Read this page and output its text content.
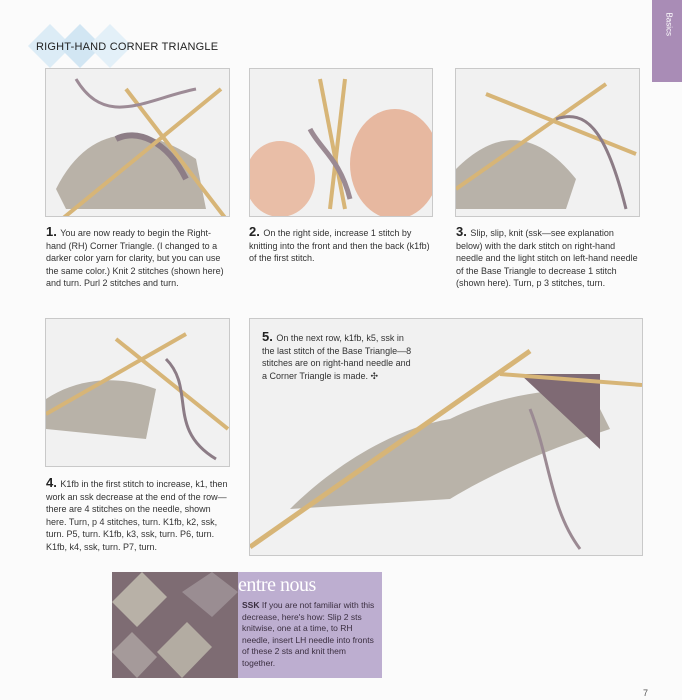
RIGHT-HAND CORNER TRIANGLE
Basics
1. You are now ready to begin the Right-hand (RH) Corner Triangle. (I changed to a darker color yarn for clarity, but you can use the same color.) Knit 2 stitches (shown here) and turn. Purl 2 stitches and turn.
2. On the right side, increase 1 stitch by knitting into the front and then the back (k1fb) of the first stitch.
3. Slip, slip, knit (ssk—see explanation below) with the dark stitch on right-hand needle and the light stitch on left-hand needle of the Base Triangle to decrease 1 stitch (shown here). Turn, p 3 stitches, turn.
5. On the next row, k1fb, k5, ssk in the last stitch of the Base Triangle—8 stitches are on right-hand needle and a Corner Triangle is made. ✣
4. K1fb in the first stitch to increase, k1, then work an ssk decrease at the end of the row—there are 4 stitches on the needle, shown here. Turn, p 4 stitches, turn. K1fb, k2, ssk, turn. P5, turn. K1fb, k3, ssk, turn. P6, turn. K1fb, k4, ssk, turn. P7, turn.
entre nous
SSK If you are not familiar with this decrease, here's how: Slip 2 sts knitwise, one at a time, to RH needle, insert LH needle into fronts of these 2 sts and knit them together.
7
